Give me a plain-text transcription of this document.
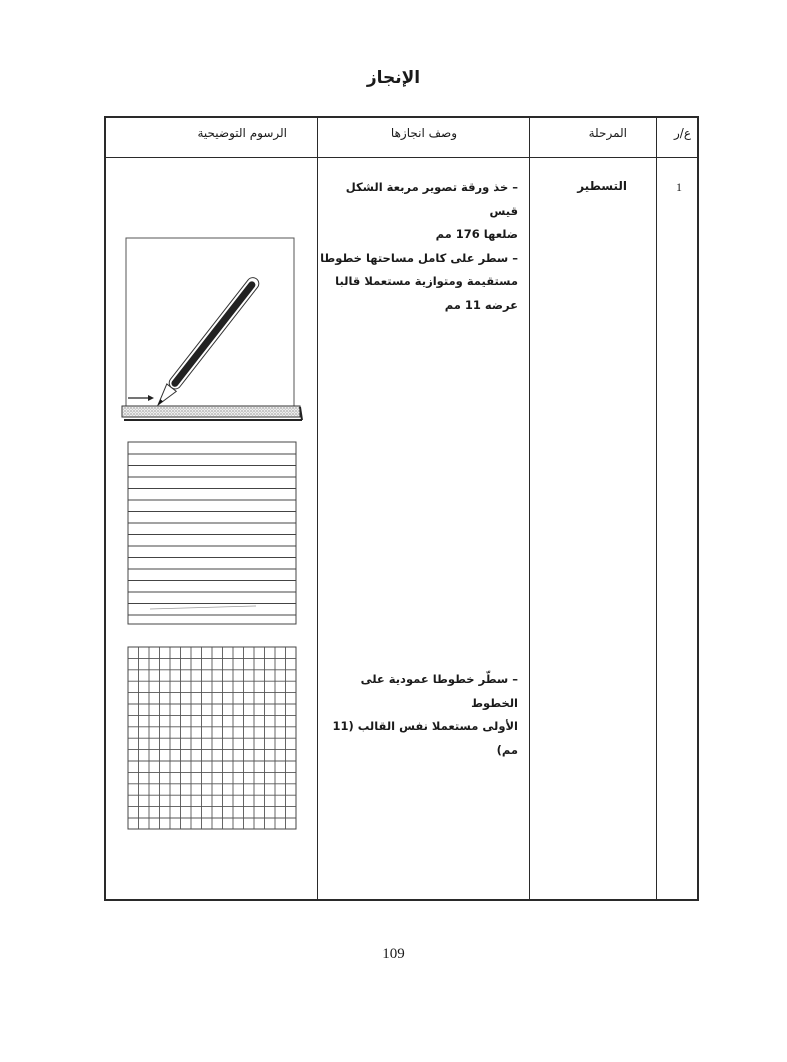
الإنجاز
ع/ر
المرحلة
وصف انجازها
الرسوم التوضيحية
1
التسطير
– خذ ورقة تصوير مربعة الشكل قيس
ضلعها 176 مم
– سطر على كامل مساحتها خطوطا
مستقيمة ومتوازية مستعملا قالبا
عرضه 11 مم
– سطّر خطوطا عمودية على الخطوط
الأولى مستعملا نفس القالب (11 مم)
109
